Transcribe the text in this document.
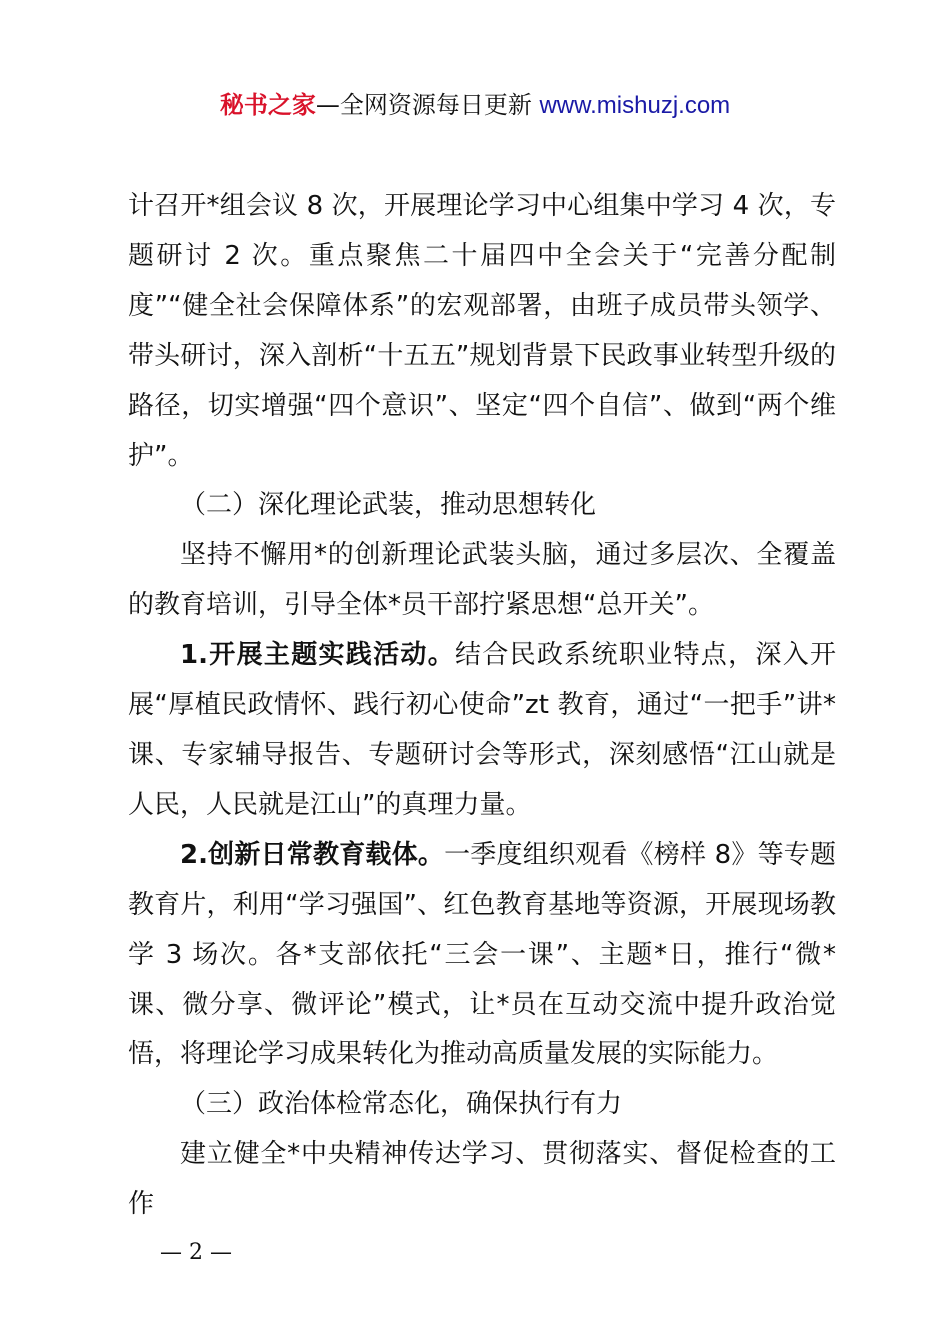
秘书之家—全网资源每日更新 www.mishuzj.com

计召开*组会议 8 次，开展理论学习中心组集中学习 4 次，专题研讨 2 次。重点聚焦二十届四中全会关于“完善分配制度”“健全社会保障体系”的宏观部署，由班子成员带头领学、带头研讨，深入剖析“十五五”规划背景下民政事业转型升级的路径，切实增强“四个意识”、坚定“四个自信”、做到“两个维护”。

（二）深化理论武装，推动思想转化

坚持不懈用*的创新理论武装头脑，通过多层次、全覆盖的教育培训，引导全体*员干部拧紧思想“总开关”。

1.开展主题实践活动。结合民政系统职业特点，深入开展“厚植民政情怀、践行初心使命”zt 教育，通过“一把手”讲*课、专家辅导报告、专题研讨会等形式，深刻感悟“江山就是人民，人民就是江山”的真理力量。

2.创新日常教育载体。一季度组织观看《榜样 8》等专题教育片，利用“学习强国”、红色教育基地等资源，开展现场教学 3 场次。各*支部依托“三会一课”、主题*日，推行“微*课、微分享、微评论”模式，让*员在互动交流中提升政治觉悟，将理论学习成果转化为推动高质量发展的实际能力。

（三）政治体检常态化，确保执行有力

建立健全*中央精神传达学习、贯彻落实、督促检查的工作

— 2 —
